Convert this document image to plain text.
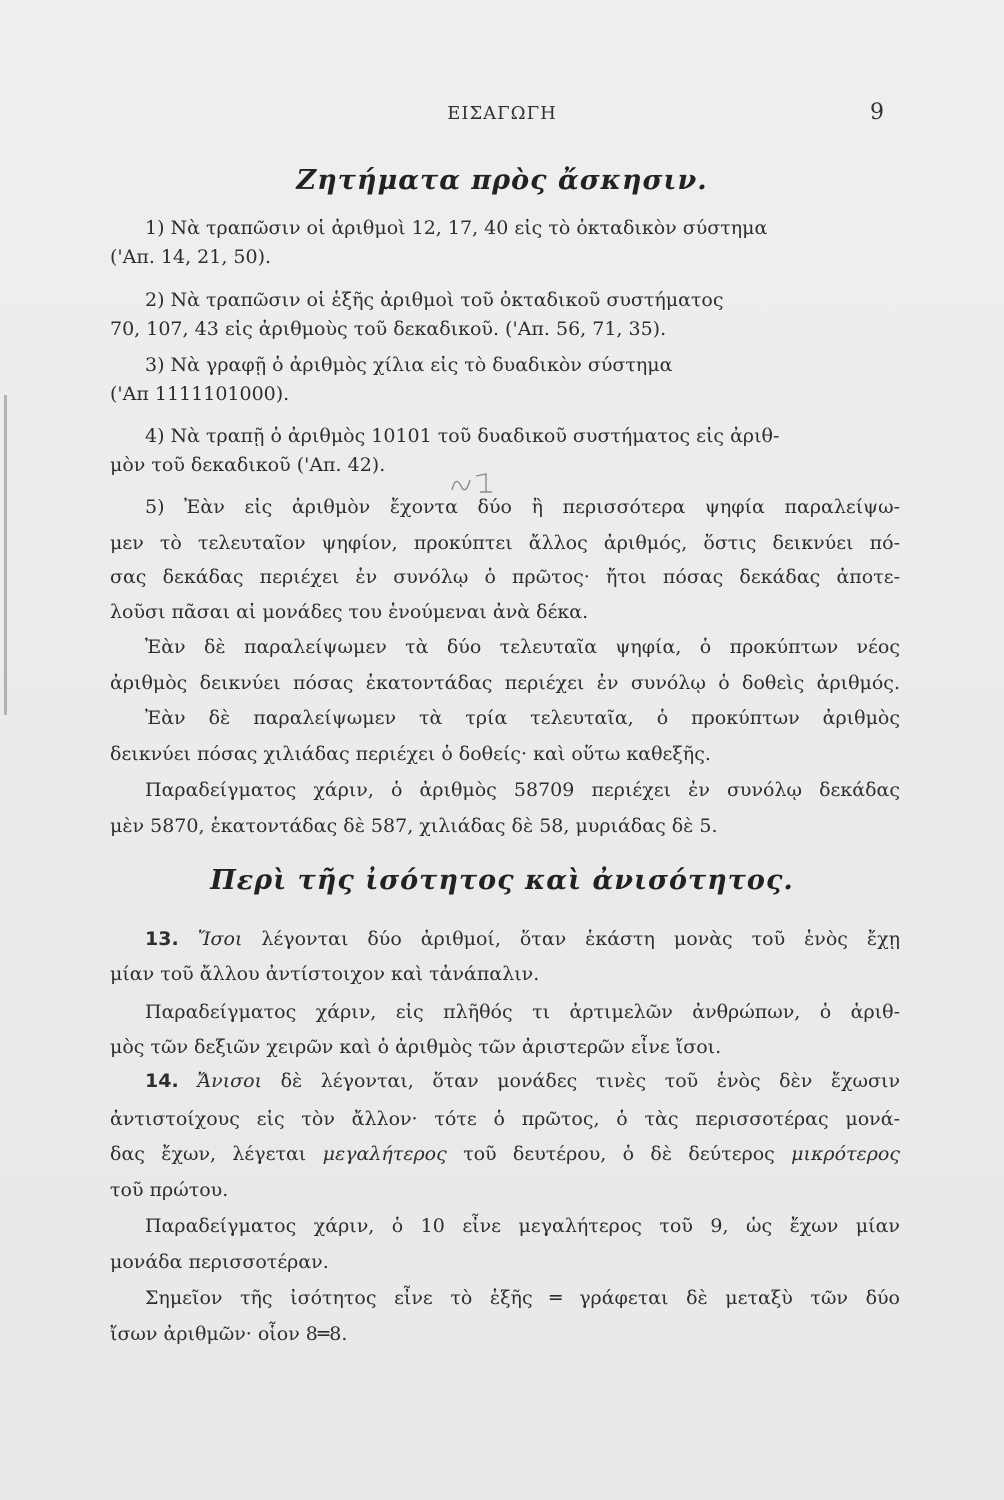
ΕΙΣΑΓΩΓΗ	9
Ζητήματα πρὸς ἄσκησιν.
1) Νὰ τραπῶσιν οἱ ἀριθμοὶ 12, 17, 40 εἰς τὸ ὀκταδικὸν σύστημα
('Απ. 14, 21, 50).
2) Νὰ τραπῶσιν οἱ ἑξῆς ἀριθμοὶ τοῦ ὀκταδικοῦ συστήματος
70, 107, 43 εἰς ἀριθμοὺς τοῦ δεκαδικοῦ. ('Απ. 56, 71, 35).
3) Νὰ γραφῇ ὁ ἀριθμὸς χίλια εἰς τὸ δυαδικὸν σύστημα
('Απ 1111101000).
4) Νὰ τραπῇ ὁ ἀριθμὸς 10101 τοῦ δυαδικοῦ συστήματος εἰς ἀριθ-
μὸν τοῦ δεκαδικοῦ ('Απ. 42).
5) Ἐὰν εἰς ἀριθμὸν ἔχοντα δύο ἢ περισσότερα ψηφία παραλείψω-
μεν τὸ τελευταῖον ψηφίον, προκύπτει ἄλλος ἀριθμός, ὅστις δεικνύει πό-
σας δεκάδας περιέχει ἐν συνόλῳ ὁ πρῶτος· ἤτοι πόσας δεκάδας ἀποτε-
λοῦσι πᾶσαι αἱ μονάδες του ἑνούμεναι ἀνὰ δέκα.
Ἐὰν δὲ παραλείψωμεν τὰ δύο τελευταῖα ψηφία, ὁ προκύπτων νέος
ἀριθμὸς δεικνύει πόσας ἑκατοντάδας περιέχει ἐν συνόλῳ ὁ δοθεὶς ἀριθμός.
Ἐὰν δὲ παραλείψωμεν τὰ τρία τελευταῖα, ὁ προκύπτων ἀριθμὸς
δεικνύει πόσας χιλιάδας περιέχει ὁ δοθείς· καὶ οὕτω καθεξῆς.
Παραδείγματος χάριν, ὁ ἀριθμὸς 58709 περιέχει ἐν συνόλῳ δεκάδας
μὲν 5870, ἑκατοντάδας δὲ 587, χιλιάδας δὲ 58, μυριάδας δὲ 5.
Περὶ τῆς ἰσότητος καὶ ἀνισότητος.
13. Ἴσοι λέγονται δύο ἀριθμοί, ὅταν ἑκάστη μονὰς τοῦ ἑνὸς ἔχῃ
μίαν τοῦ ἄλλου ἀντίστοιχον καὶ τἀνάπαλιν.
Παραδείγματος χάριν, εἰς πλῆθός τι ἀρτιμελῶν ἀνθρώπων, ὁ ἀριθ-
μὸς τῶν δεξιῶν χειρῶν καὶ ὁ ἀριθμὸς τῶν ἀριστερῶν εἶνε ἴσοι.
14. Ἄνισοι δὲ λέγονται, ὅταν μονάδες τινὲς τοῦ ἑνὸς δὲν ἔχωσιν
ἀντιστοίχους εἰς τὸν ἄλλον· τότε ὁ πρῶτος, ὁ τὰς περισσοτέρας μονά-
δας ἔχων, λέγεται μεγαλήτερος τοῦ δευτέρου, ὁ δὲ δεύτερος μικρότερος
τοῦ πρώτου.
Παραδείγματος χάριν, ὁ 10 εἶνε μεγαλήτερος τοῦ 9, ὡς ἔχων μίαν
μονάδα περισσοτέραν.
Σημεῖον τῆς ἰσότητος εἶνε τὸ ἑξῆς ═ γράφεται δὲ μεταξὺ τῶν δύο
ἴσων ἀριθμῶν· οἷον 8═8.
